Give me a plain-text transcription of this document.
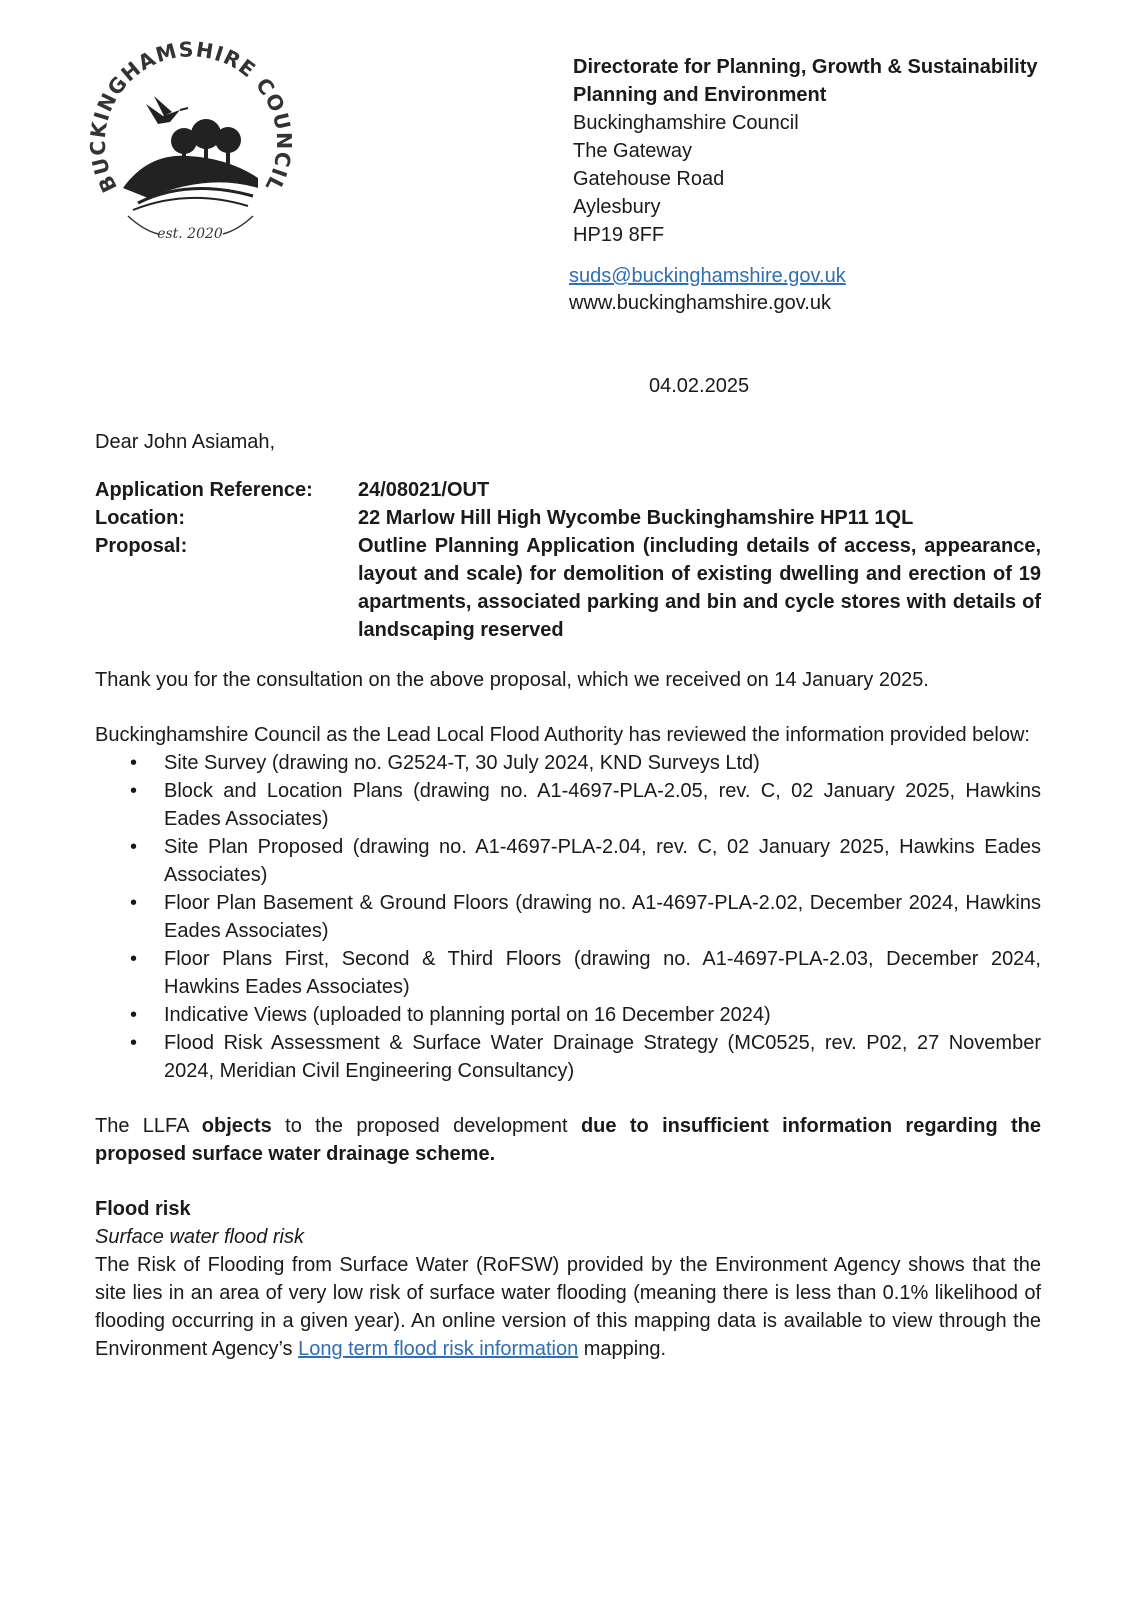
BUCKINGHAMSHIRE COU IL
est. 2020
Directorate for Planning, Growth & Sustainability
Planning and Environment
Buckinghamshire Council
The Gateway
Gatehouse Road
Aylesbury
HP19 8FF
suds@buckinghamshire.gov.uk
www.buckinghamshire.gov.uk
04.02.2025

Dear John Asiamah,

Application Reference:	24/08021/OUT
Location:	22 Marlow Hill High Wycombe Buckinghamshire HP11 1QL
Proposal:	Outline Planning Application (including details of access, appearance, layout and scale) for demolition of existing dwelling and erection of 19 apartments, associated parking and bin and cycle stores with details of landscaping reserved

Thank you for the consultation on the above proposal, which we received on 14 January 2025.

Buckinghamshire Council as the Lead Local Flood Authority has reviewed the information provided below:

• Site Survey (drawing no. G2524-T, 30 July 2024, KND Surveys Ltd)
• Block and Location Plans (drawing no. A1-4697-PLA-2.05, rev. C, 02 January 2025, Hawkins Eades Associates)
• Site Plan Proposed (drawing no. A1-4697-PLA-2.04, rev. C, 02 January 2025, Hawkins Eades Associates)
• Floor Plan Basement & Ground Floors (drawing no. A1-4697-PLA-2.02, December 2024, Hawkins Eades Associates)
• Floor Plans First, Second & Third Floors (drawing no. A1-4697-PLA-2.03, December 2024, Hawkins Eades Associates)
• Indicative Views (uploaded to planning portal on 16 December 2024)
• Flood Risk Assessment & Surface Water Drainage Strategy (MC0525, rev. P02, 27 November 2024, Meridian Civil Engineering Consultancy)

The LLFA objects to the proposed development due to insufficient information regarding the proposed surface water drainage scheme.

Flood risk

Surface water flood risk

The Risk of Flooding from Surface Water (RoFSW) provided by the Environment Agency shows that the site lies in an area of very low risk of surface water flooding (meaning there is less than 0.1% likelihood of flooding occurring in a given year). An online version of this mapping data is available to view through the Environment Agency’s Long term flood risk information mapping.
